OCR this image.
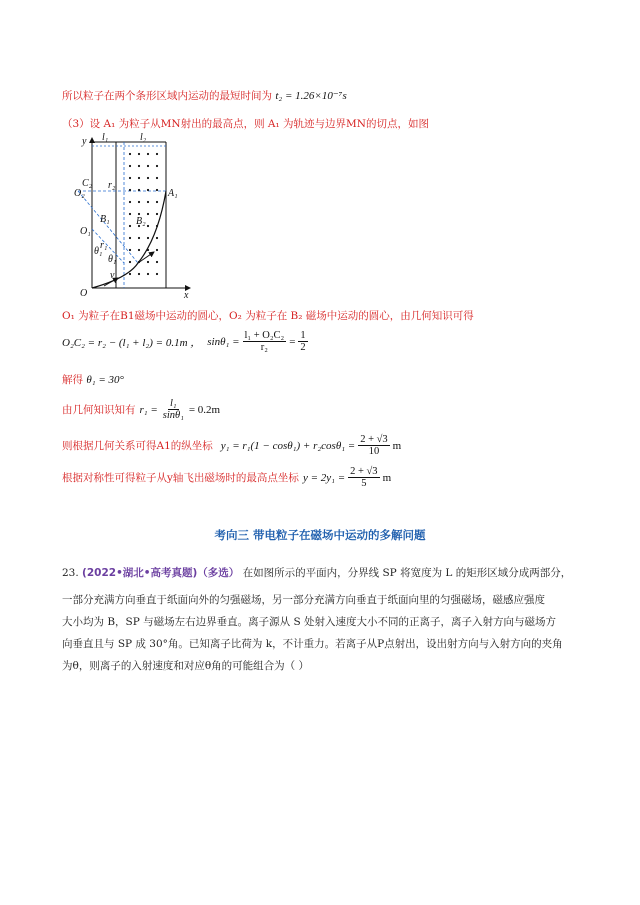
所以粒子在两个条形区域内运动的最短时间为 t₂ = 1.26×10⁻⁷s
（3）设 A₁ 为粒子从MN射出的最高点，则 A₁ 为轨迹与边界MN的切点，如图
y
x
O
O₁
O₂
C₂
B₁	B₂
A₁
l₁	l₂
r₁
r₂
θ₁
θ₁
v
O₁ 为粒子在B1磁场中运动的圆心，O₂ 为粒子在 B₂ 磁场中运动的圆心，由几何知识可得
O₂C₂ = r₂ − (l₁ + l₂) = 0.1m ， $\sin\theta_1 = \frac{\text{l₁ + O₂C₂}}{\text{r₂}} = \frac{1}{2}$
解得 θ₁ = 30°
由几何知识知有 $r_1 = \frac{\text{l₁}}{\text{sinθ₁}} = 0.2m$
则根据几何关系可得A1的纵坐标 $y_1 = r_1(1 - \cos\theta_1) + r_2\cos\theta_1 = \frac{2 + √3}{10}$ m
根据对称性可得粒子从y轴飞出磁场时的最高点坐标 $y = 2y_1 = \frac{2 + √3}{5}$ m
考向三 带电粒子在磁场中运动的多解问题
23. (2022•湖北•高考真题)（多选） 在如图所示的平面内，分界线 SP 将宽度为 L 的矩形区域分成两部分，
一部分充满方向垂直于纸面向外的匀强磁场，另一部分充满方向垂直于纸面向里的匀强磁场，磁感应强度
大小均为 B，SP 与磁场左右边界垂直。离子源从 S 处射入速度大小不同的正离子，离子入射方向与磁场方
向垂直且与 SP 成 30°角。已知离子比荷为 k，不计重力。若离子从P点射出，设出射方向与入射方向的夹角
为θ，则离子的入射速度和对应θ角的可能组合为（ ）
